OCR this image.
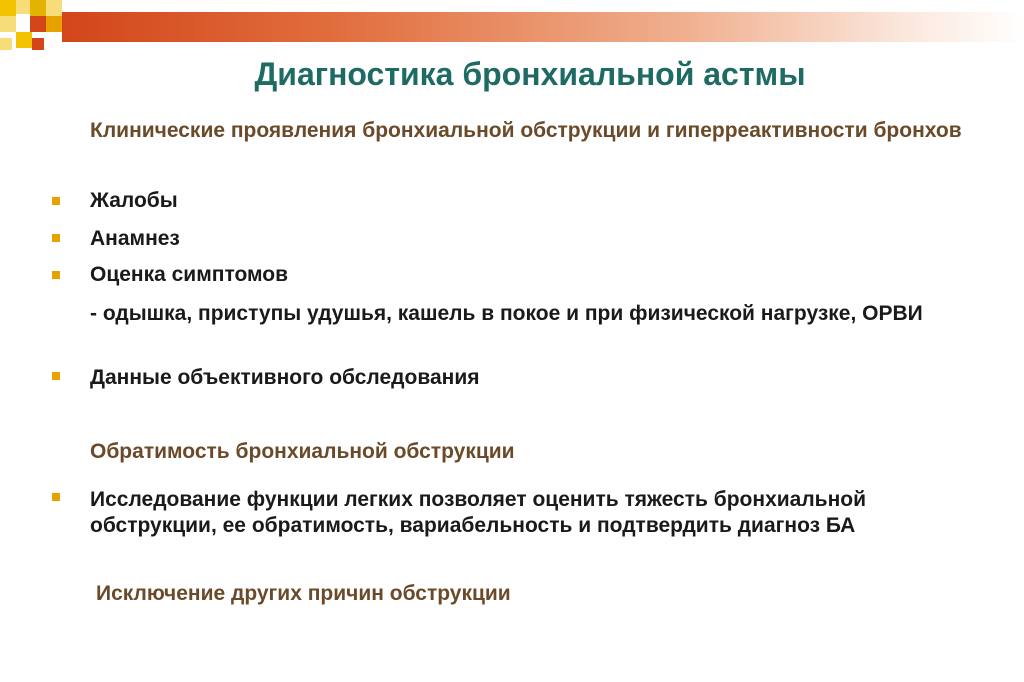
Диагностика бронхиальной астмы
Клинические проявления бронхиальной обструкции и гиперреактивности бронхов
Жалобы
Анамнез
Оценка симптомов
- одышка, приступы удушья, кашель в покое и при физической нагрузке, ОРВИ
Данные объективного обследования
Обратимость бронхиальной обструкции
Исследование функции легких позволяет оценить тяжесть бронхиальной обструкции, ее обратимость, вариабельность и подтвердить диагноз БА
Исключение других причин обструкции
